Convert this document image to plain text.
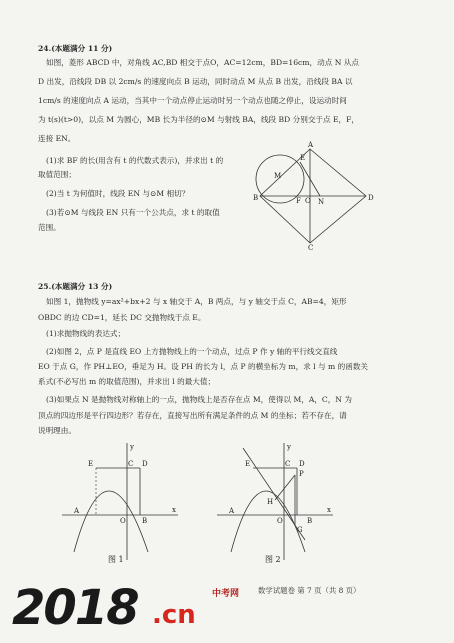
24.(本题满分 11 分)
如图，菱形 ABCD 中，对角线 AC,BD 相交于点O，AC=12cm，BD=16cm，动点 N 从点
D 出发，沿线段 DB 以 2cm/s 的速度向点 B 运动，同时动点 M 从点 B 出发，沿线段 BA 以
1cm/s 的速度向点 A 运动，当其中一个动点停止运动时另一个动点也随之停止，设运动时间
为 t(s)(t>0)，以点 M 为圆心，MB 长为半径的⊙M 与射线 BA，线段 BD 分别交于点 E，F，
连接 EN。
(1)求 BF 的长(用含有 t 的代数式表示)，并求出 t 的
取值范围；
(2)当 t 为何值时，线段 EN 与⊙M 相切？
(3)若⊙M 与线段 EN 只有一个公共点，求 t 的取值
范围。
A
B
C
D
E
F
M
N
O
25.(本题满分 13 分)
如图 1，抛物线 y=ax²+bx+2 与 x 轴交于 A，B 两点，与 y 轴交于点 C，AB=4，矩形
OBDC 的边 CD=1，延长 DC 交抛物线于点 E。
(1)求抛物线的表达式；
(2)如图 2，点 P 是直线 EO 上方抛物线上的一个动点，过点 P 作 y 轴的平行线交直线
EO 于点 G，作 PH⊥EO，垂足为 H。设 PH 的长为 l，点 P 的横坐标为 m，求 l 与 m 的函数关
系式(不必写出 m 的取值范围)，并求出 l 的最大值；
(3)如果点 N 是抛物线对称轴上的一点，抛物线上是否存在点 M，使得以 M，A，C，N 为
顶点的四边形是平行四边形？若存在，直接写出所有满足条件的点 M 的坐标；若不存在，请
说明理由。
y
x
E	C D
A
O B
图 1
y
x
E	C D
P
G
H
A
O	B
图 2
数学试题卷 第 7 页（共 8 页）
2018 .cn
中考网
